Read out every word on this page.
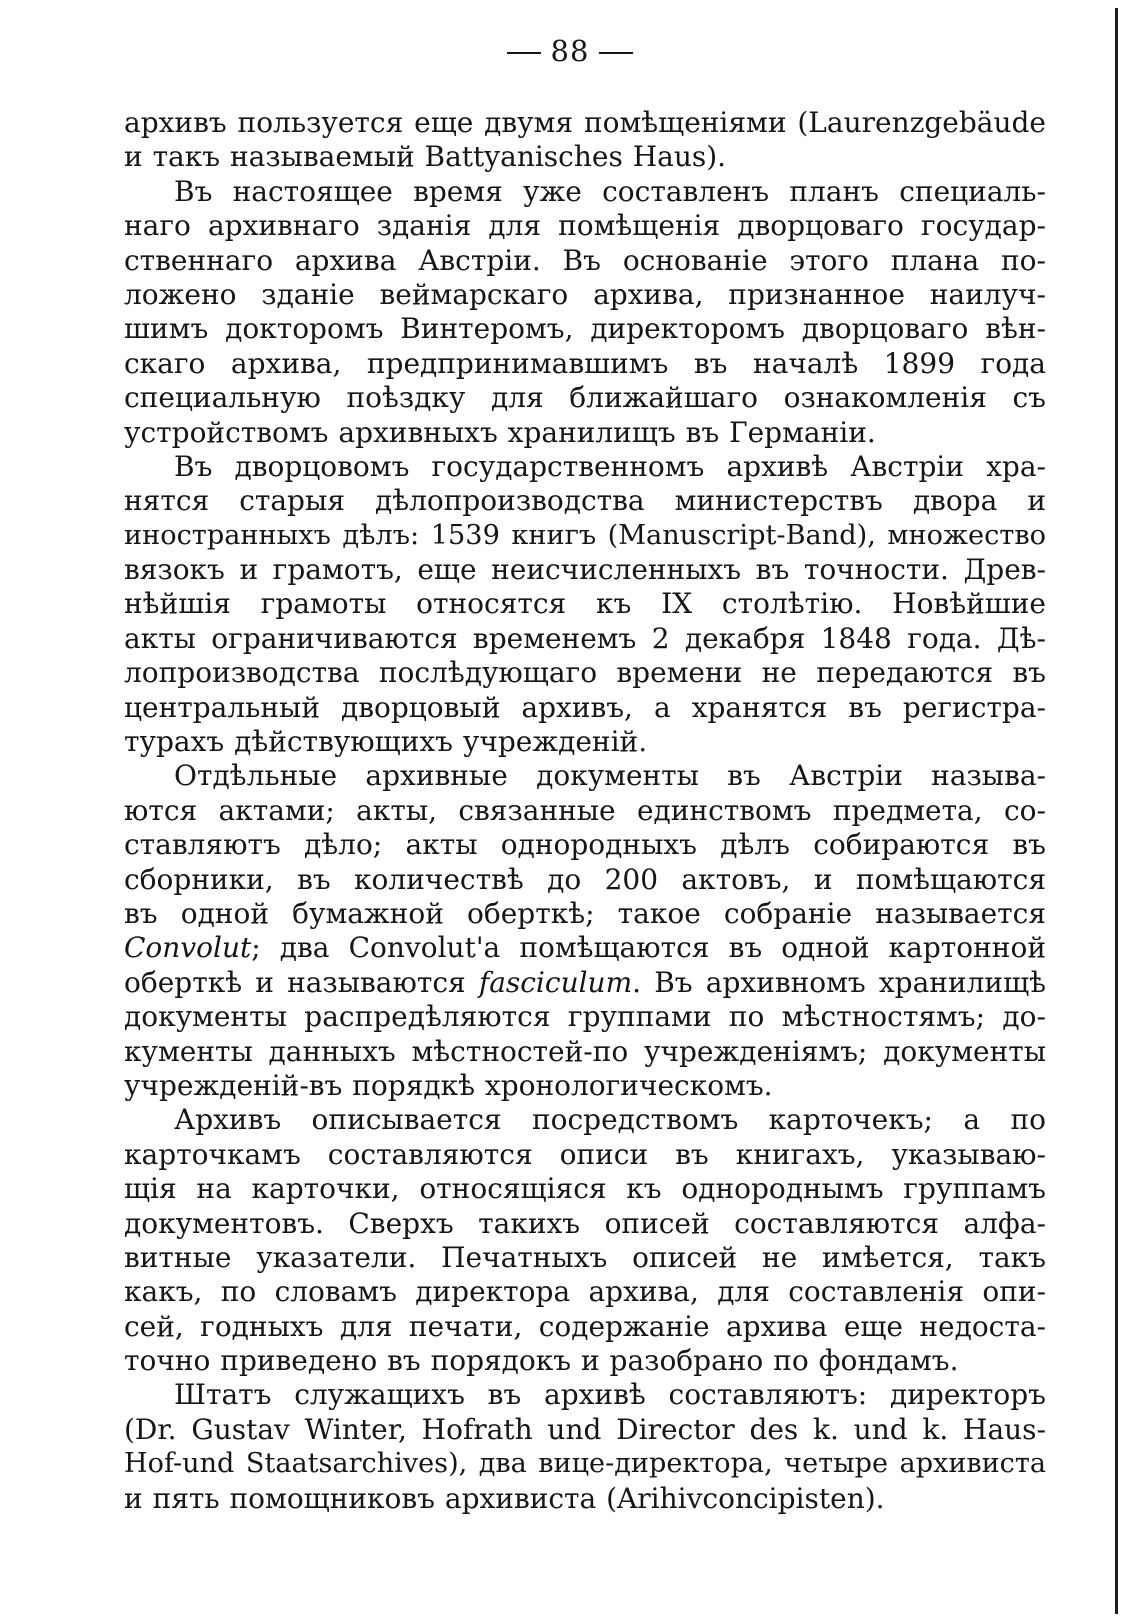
88
архивъ пользуется еще двумя помѣщеніями (Laurenzgebäude
и такъ называемый Battyanisches Haus).
Въ настоящее время уже составленъ планъ специаль-
наго архивнаго зданія для помѣщенія дворцоваго государ-
ственнаго архива Австріи. Въ основаніе этого плана по-
ложено зданіе веймарскаго архива, признанное наилуч-
шимъ докторомъ Винтеромъ, директоромъ дворцоваго вѣн-
скаго архива, предпринимавшимъ въ началѣ 1899 года
специальную поѣздку для ближайшаго ознакомленія съ
устройствомъ архивныхъ хранилищъ въ Германіи.
Въ дворцовомъ государственномъ архивѣ Австріи хра-
нятся старыя дѣлопроизводства министерствъ двора и
иностранныхъ дѣлъ: 1539 книгъ (Manuscript-Band), множество
вязокъ и грамотъ, еще неисчисленныхъ въ точности. Древ-
нѣйшія грамоты относятся къ IX столѣтію. Новѣйшие
акты ограничиваются временемъ 2 декабря 1848 года. Дѣ-
лопроизводства послѣдующаго времени не передаются въ
центральный дворцовый архивъ, а хранятся въ регистра-
турахъ дѣйствующихъ учрежденій.
Отдѣльные архивные документы въ Австріи называ-
ются актами; акты, связанные единствомъ предмета, со-
ставляютъ дѣло; акты однородныхъ дѣлъ собираются въ
сборники, въ количествѣ до 200 актовъ, и помѣщаются
въ одной бумажной оберткѣ; такое собраніе называется
Convolut; два Convolut'а помѣщаются въ одной картонной
оберткѣ и называются fasciculum. Въ архивномъ хранилищѣ
документы распредѣляются группами по мѣстностямъ; до-
кументы данныхъ мѣстностей-по учрежденіямъ; документы
учрежденій-въ порядкѣ хронологическомъ.
Архивъ описывается посредствомъ карточекъ; а по
карточкамъ составляются описи въ книгахъ, указываю-
щія на карточки, относящіяся къ однороднымъ группамъ
документовъ. Сверхъ такихъ описей составляются алфа-
витные указатели. Печатныхъ описей не имѣется, такъ
какъ, по словамъ директора архива, для составленія опи-
сей, годныхъ для печати, содержаніе архива еще недоста-
точно приведено въ порядокъ и разобрано по фондамъ.
Штатъ служащихъ въ архивѣ составляютъ: директоръ
(Dr. Gustav Winter, Hofrath und Director des k. und k. Haus-
Hof-und Staatsarchives), два вице-директора, четыре архивиста
и пять помощниковъ архивиста (Arihivconcipisten).
